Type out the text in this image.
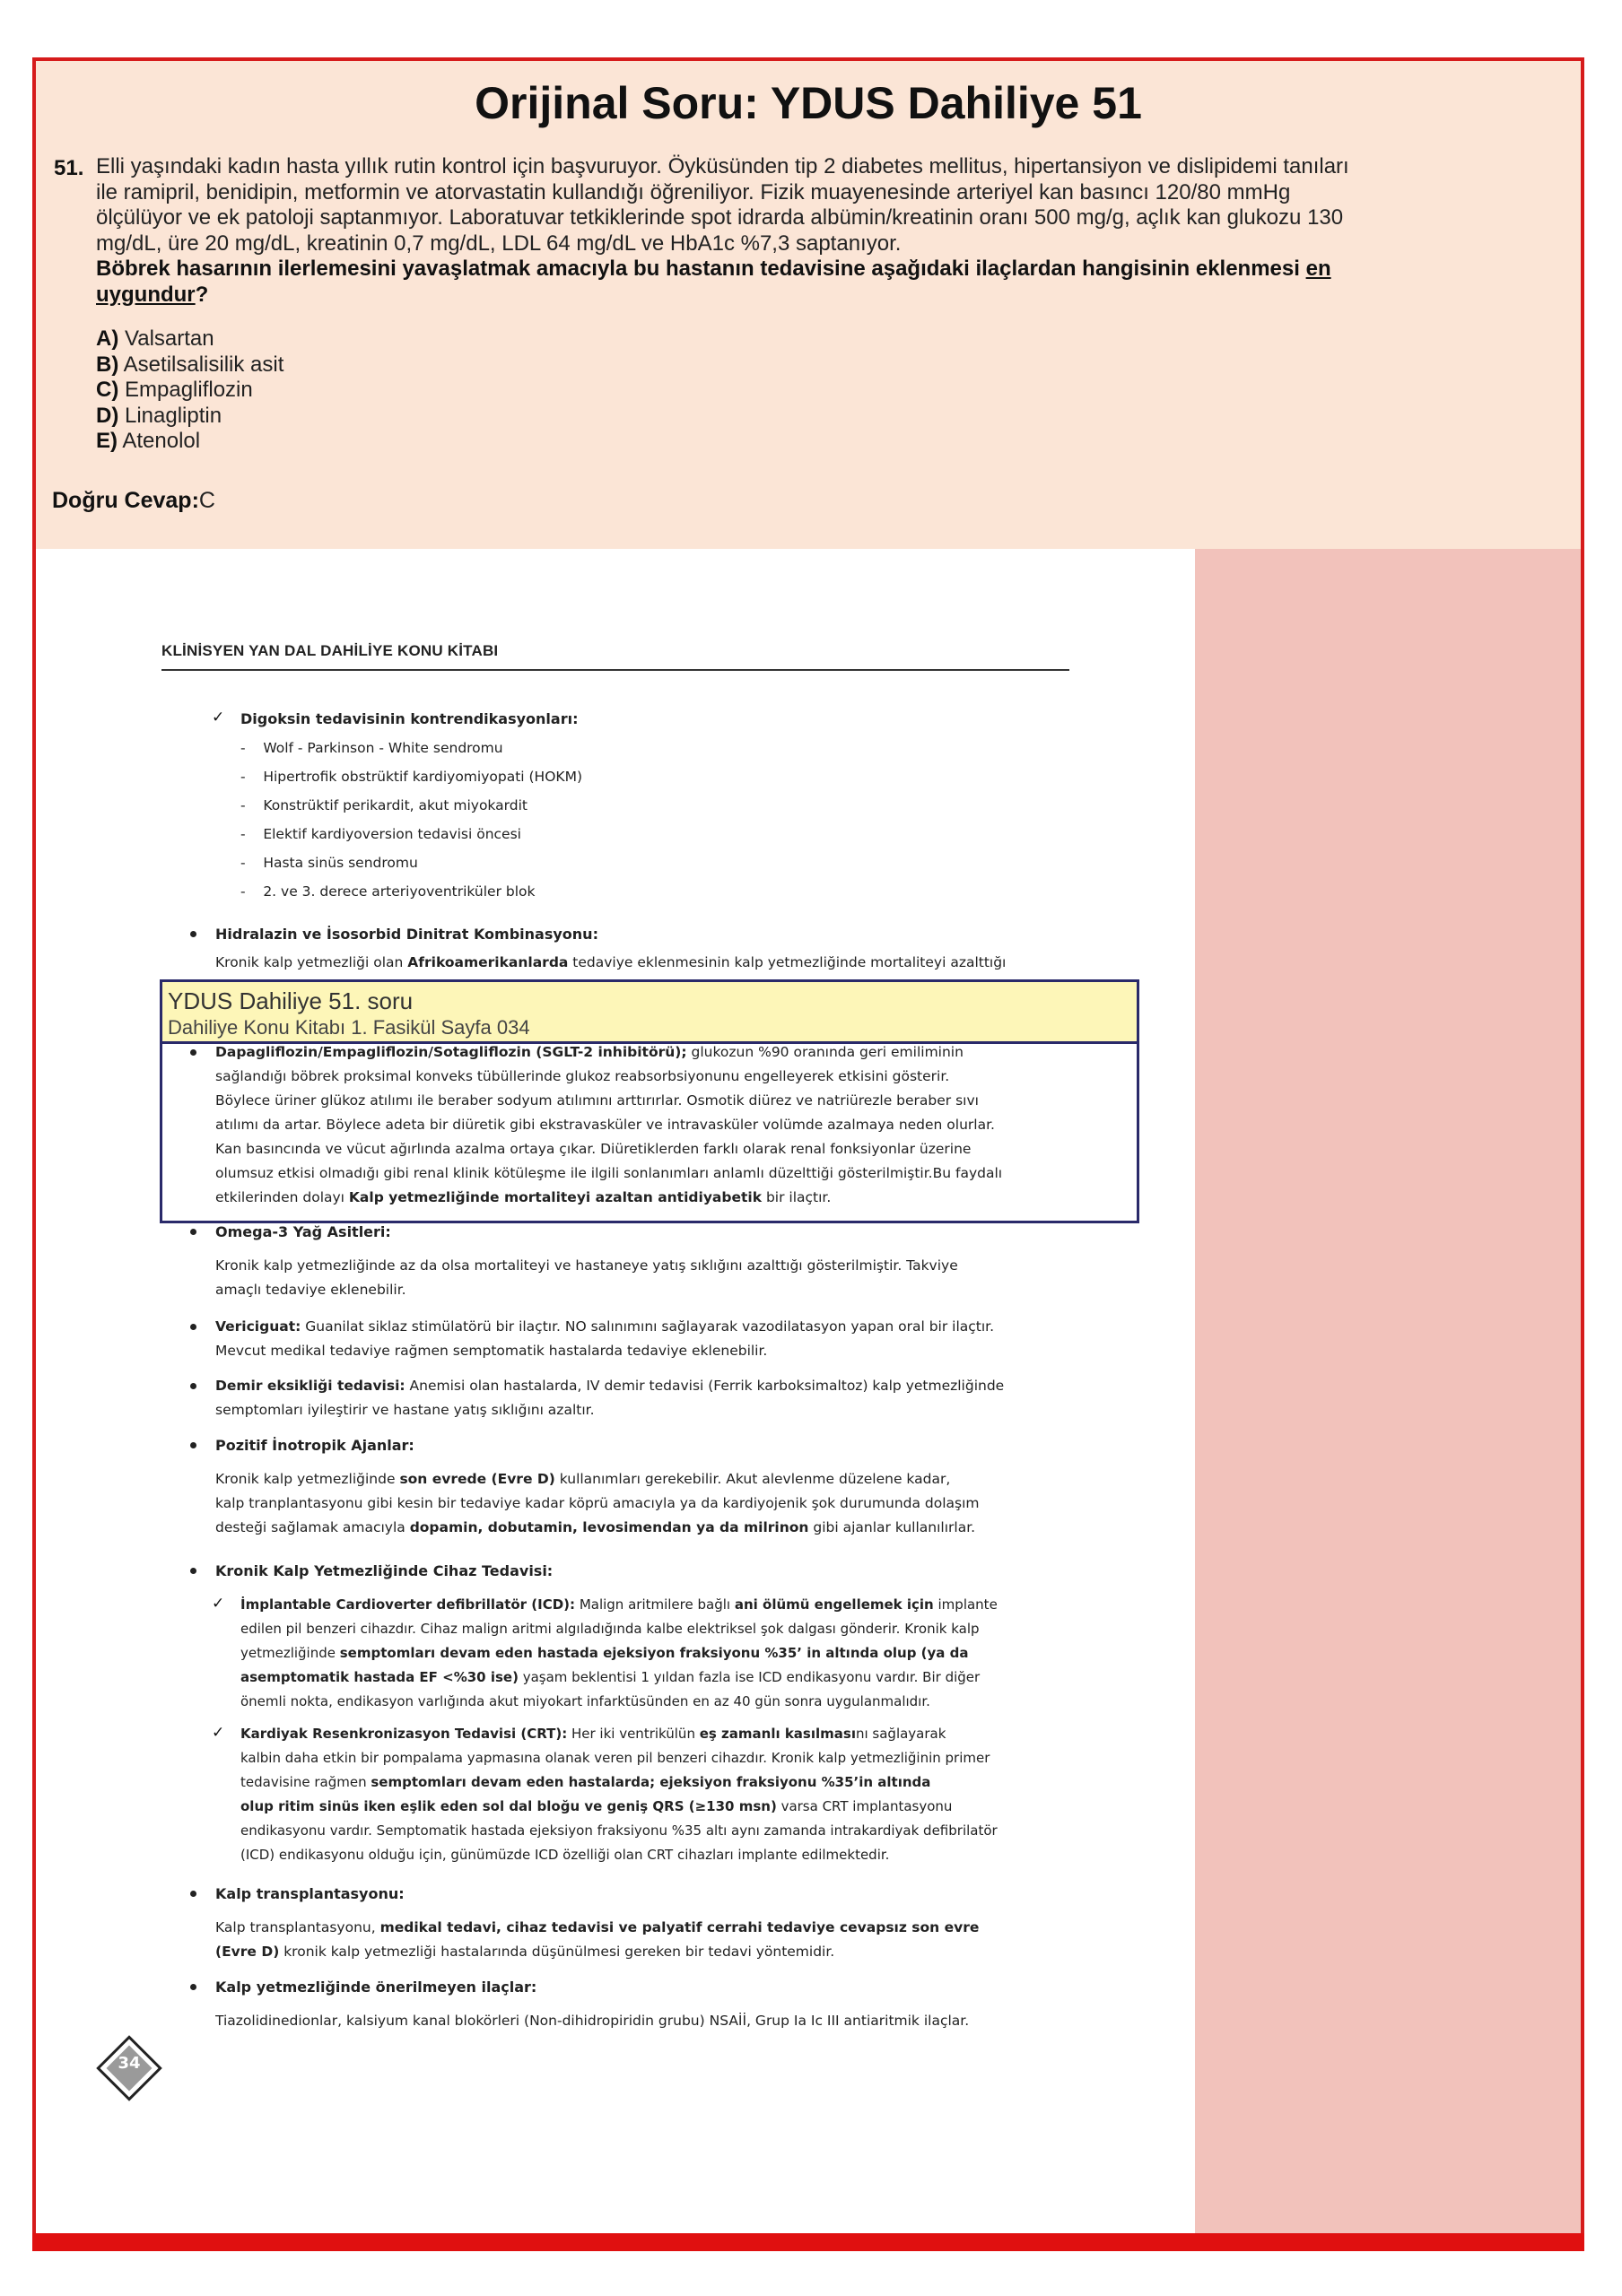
Orijinal Soru: YDUS Dahiliye 51
51. Elli yaşındaki kadın hasta yıllık rutin kontrol için başvuruyor. Öyküsünden tip 2 diabetes mellitus, hipertansiyon ve dislipidemi tanıları
ile ramipril, benidipin, metformin ve atorvastatin kullandığı öğreniliyor. Fizik muayenesinde arteriyel kan basıncı 120/80 mmHg
ölçülüyor ve ek patoloji saptanmıyor. Laboratuvar tetkiklerinde spot idrarda albümin/kreatinin oranı 500 mg/g, açlık kan glukozu 130
mg/dL, üre 20 mg/dL, kreatinin 0,7 mg/dL, LDL 64 mg/dL ve HbA1c %7,3 saptanıyor.
Böbrek hasarının ilerlemesini yavaşlatmak amacıyla bu hastanın tedavisine aşağıdaki ilaçlardan hangisinin eklenmesi en
uygundur?
A) Valsartan
B) Asetilsalisilik asit
C) Empagliflozin
D) Linagliptin
E) Atenolol
Doğru Cevap:C
KLİNİSYEN YAN DAL DAHİLİYE KONU KİTABI
✓ Digoksin tedavisinin kontrendikasyonları:
-    Wolf - Parkinson - White sendromu
-    Hipertrofik obstrüktif kardiyomiyopati (HOKM)
-    Konstrüktif perikardit, akut miyokardit
-    Elektif kardiyoversion tedavisi öncesi
-    Hasta sinüs sendromu
-    2. ve 3. derece arteriyoventriküler blok
Hidralazin ve İsosorbid Dinitrat Kombinasyonu:
Kronik kalp yetmezliği olan Afrikoamerikanlarda tedaviye eklenmesinin kalp yetmezliğinde mortaliteyi azalttığı
Dapagliflozin/Empagliflozin/Sotagliflozin (SGLT-2 inhibitörü); glukozun %90 oranında geri emiliminin
sağlandığı böbrek proksimal konveks tübüllerinde glukoz reabsorbsiyonunu engelleyerek etkisini gösterir.
Böylece üriner glükoz atılımı ile beraber sodyum atılımını arttırırlar. Osmotik diürez ve natriürezle beraber sıvı
atılımı da artar. Böylece adeta bir diüretik gibi ekstravasküler ve intravasküler volümde azalmaya neden olurlar.
Kan basıncında ve vücut ağırlında azalma ortaya çıkar. Diüretiklerden farklı olarak renal fonksiyonlar üzerine
olumsuz etkisi olmadığı gibi renal klinik kötüleşme ile ilgili sonlanımları anlamlı düzelttiği gösterilmiştir.Bu faydalı
etkilerinden dolayı Kalp yetmezliğinde mortaliteyi azaltan antidiyabetik bir ilaçtır.
Omega-3 Yağ Asitleri:
Kronik kalp yetmezliğinde az da olsa mortaliteyi ve hastaneye yatış sıklığını azalttığı gösterilmiştir. Takviye
amaçlı tedaviye eklenebilir.
Vericiguat: Guanilat siklaz stimülatörü bir ilaçtır. NO salınımını sağlayarak vazodilatasyon yapan oral bir ilaçtır.
Mevcut medikal tedaviye rağmen semptomatik hastalarda tedaviye eklenebilir.
Demir eksikliği tedavisi: Anemisi olan hastalarda, IV demir tedavisi (Ferrik karboksimaltoz) kalp yetmezliğinde
semptomları iyileştirir ve hastane yatış sıklığını azaltır.
Pozitif İnotropik Ajanlar:
Kronik kalp yetmezliğinde son evrede (Evre D) kullanımları gerekebilir. Akut alevlenme düzelene kadar,
kalp tranplantasyonu gibi kesin bir tedaviye kadar köprü amacıyla ya da kardiyojenik şok durumunda dolaşım
desteği sağlamak amacıyla dopamin, dobutamin, levosimendan ya da milrinon gibi ajanlar kullanılırlar.
Kronik Kalp Yetmezliğinde Cihaz Tedavisi:
✓ İmplantable Cardioverter defibrillatör (ICD): Malign aritmilere bağlı ani ölümü engellemek için implante
edilen pil benzeri cihazdır. Cihaz malign aritmi algıladığında kalbe elektriksel şok dalgası gönderir. Kronik kalp
yetmezliğinde semptomları devam eden hastada ejeksiyon fraksiyonu %35’ in altında olup (ya da
asemptomatik hastada EF <%30 ise) yaşam beklentisi 1 yıldan fazla ise ICD endikasyonu vardır. Bir diğer
önemli nokta, endikasyon varlığında akut miyokart infarktüsünden en az 40 gün sonra uygulanmalıdır.
✓ Kardiyak Resenkronizasyon Tedavisi (CRT): Her iki ventrikülün eş zamanlı kasılmasını sağlayarak
kalbin daha etkin bir pompalama yapmasına olanak veren pil benzeri cihazdır. Kronik kalp yetmezliğinin primer
tedavisine rağmen semptomları devam eden hastalarda; ejeksiyon fraksiyonu %35’in altında
olup ritim sinüs iken eşlik eden sol dal bloğu ve geniş QRS (≥130 msn) varsa CRT implantasyonu
endikasyonu vardır. Semptomatik hastada ejeksiyon fraksiyonu %35 altı aynı zamanda intrakardiyak defibrilatör
(ICD) endikasyonu olduğu için, günümüzde ICD özelliği olan CRT cihazları implante edilmektedir.
Kalp transplantasyonu:
Kalp transplantasyonu, medikal tedavi, cihaz tedavisi ve palyatif cerrahi tedaviye cevapsız son evre
(Evre D) kronik kalp yetmezliği hastalarında düşünülmesi gereken bir tedavi yöntemidir.
Kalp yetmezliğinde önerilmeyen ilaçlar:
Tiazolidinedionlar, kalsiyum kanal blokörleri (Non-dihidropiridin grubu) NSAİİ, Grup Ia Ic III antiaritmik ilaçlar.
YDUS Dahiliye 51. soru
Dahiliye Konu Kitabı 1. Fasikül Sayfa 034
34
